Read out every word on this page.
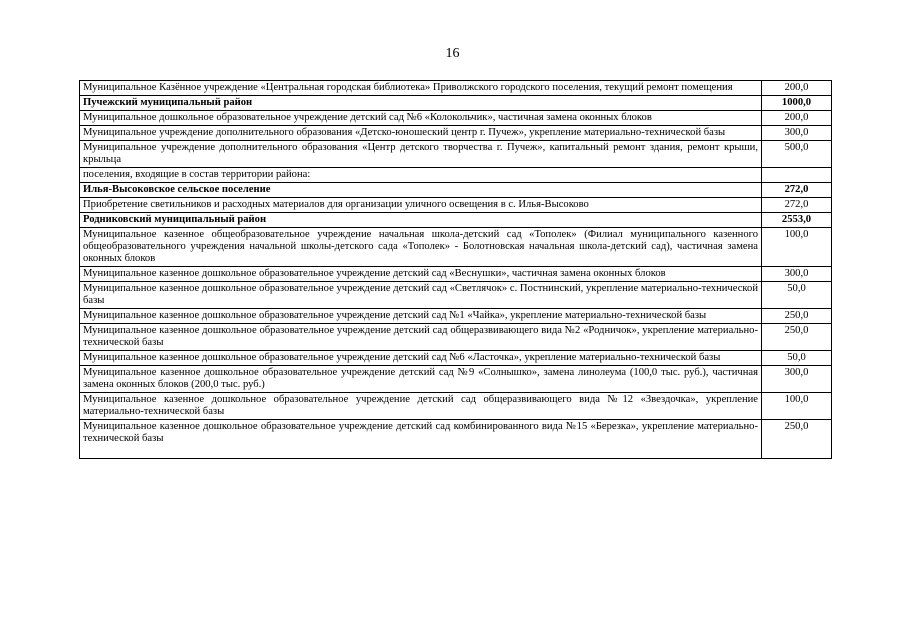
16
Муниципальное Казённое учреждение «Центральная городская библиотека» Приволжского городского поселения, текущий ремонт помещения	200,0
Пучежский муниципальный район	1000,0
Муниципальное дошкольное образовательное учреждение детский сад №6 «Колокольчик», частичная замена оконных блоков	200,0
Муниципальное учреждение дополнительного образования «Детско-юношеский центр г. Пучеж», укрепление материально-технической базы	300,0
Муниципальное учреждение дополнительного образования «Центр детского творчества г. Пучеж», капитальный ремонт здания, ремонт крыши, крыльца	500,0
поселения, входящие в состав территории района:	
Илья-Высоковское сельское поселение	272,0
Приобретение светильников и расходных материалов для организации уличного освещения в с. Илья-Высоково	272,0
Родниковский муниципальный район	2553,0
Муниципальное казенное общеобразовательное учреждение начальная школа-детский сад «Тополек» (Филиал муниципального казенного общеобразовательного учреждения начальной школы-детского сада «Тополек» - Болотновская начальная школа-детский сад), частичная замена оконных блоков	100,0
Муниципальное казенное дошкольное образовательное учреждение детский сад «Веснушки», частичная замена оконных блоков	300,0
Муниципальное казенное дошкольное образовательное учреждение детский сад «Светлячок» с. Постнинский, укрепление материально-технической базы	50,0
Муниципальное казенное дошкольное образовательное учреждение детский сад №1 «Чайка», укрепление материально-технической базы	250,0
Муниципальное казенное дошкольное образовательное учреждение детский сад общеразвивающего вида №2 «Родничок», укрепление материально-технической базы	250,0
Муниципальное казенное дошкольное образовательное учреждение детский сад №6 «Ласточка», укрепление материально-технической базы	50,0
Муниципальное казенное дошкольное образовательное учреждение детский сад №9 «Солнышко», замена линолеума (100,0 тыс. руб.), частичная замена оконных блоков (200,0 тыс. руб.)	300,0
Муниципальное казенное дошкольное образовательное учреждение детский сад общеразвивающего вида №12 «Звездочка», укрепление материально-технической базы	100,0
Муниципальное казенное дошкольное образовательное учреждение детский сад комбинированного вида №15 «Березка», укрепление материально-технической базы	250,0
